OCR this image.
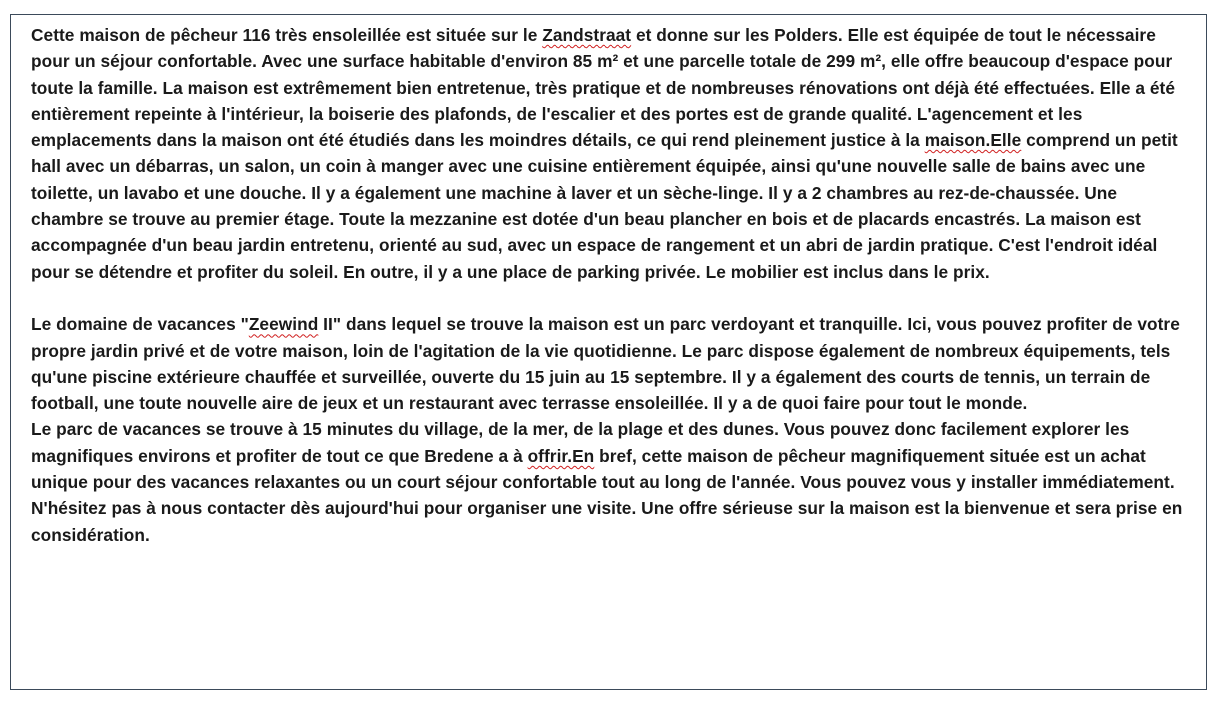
Cette maison de pêcheur 116 très ensoleillée est située sur le Zandstraat et donne sur les Polders. Elle est équipée de tout le nécessaire pour un séjour confortable. Avec une surface habitable d'environ 85 m² et une parcelle totale de 299 m², elle offre beaucoup d'espace pour toute la famille. La maison est extrêmement bien entretenue, très pratique et de nombreuses rénovations ont déjà été effectuées. Elle a été entièrement repeinte à l'intérieur, la boiserie des plafonds, de l'escalier et des portes est de grande qualité. L'agencement et les emplacements dans la maison ont été étudiés dans les moindres détails, ce qui rend pleinement justice à la maison.Elle comprend un petit hall avec un débarras, un salon, un coin à manger avec une cuisine entièrement équipée, ainsi qu'une nouvelle salle de bains avec une toilette, un lavabo et une douche. Il y a également une machine à laver et un sèche-linge. Il y a 2 chambres au rez-de-chaussée. Une chambre se trouve au premier étage. Toute la mezzanine est dotée d'un beau plancher en bois et de placards encastrés. La maison est accompagnée d'un beau jardin entretenu, orienté au sud, avec un espace de rangement et un abri de jardin pratique. C'est l'endroit idéal pour se détendre et profiter du soleil. En outre, il y a une place de parking privée. Le mobilier est inclus dans le prix.

Le domaine de vacances "Zeewind II" dans lequel se trouve la maison est un parc verdoyant et tranquille. Ici, vous pouvez profiter de votre propre jardin privé et de votre maison, loin de l'agitation de la vie quotidienne. Le parc dispose également de nombreux équipements, tels qu'une piscine extérieure chauffée et surveillée, ouverte du 15 juin au 15 septembre. Il y a également des courts de tennis, un terrain de football, une toute nouvelle aire de jeux et un restaurant avec terrasse ensoleillée. Il y a de quoi faire pour tout le monde.

Le parc de vacances se trouve à 15 minutes du village, de la mer, de la plage et des dunes. Vous pouvez donc facilement explorer les magnifiques environs et profiter de tout ce que Bredene a à offrir.En bref, cette maison de pêcheur magnifiquement située est un achat unique pour des vacances relaxantes ou un court séjour confortable tout au long de l'année. Vous pouvez vous y installer immédiatement.

N'hésitez pas à nous contacter dès aujourd'hui pour organiser une visite. Une offre sérieuse sur la maison est la bienvenue et sera prise en considération.
